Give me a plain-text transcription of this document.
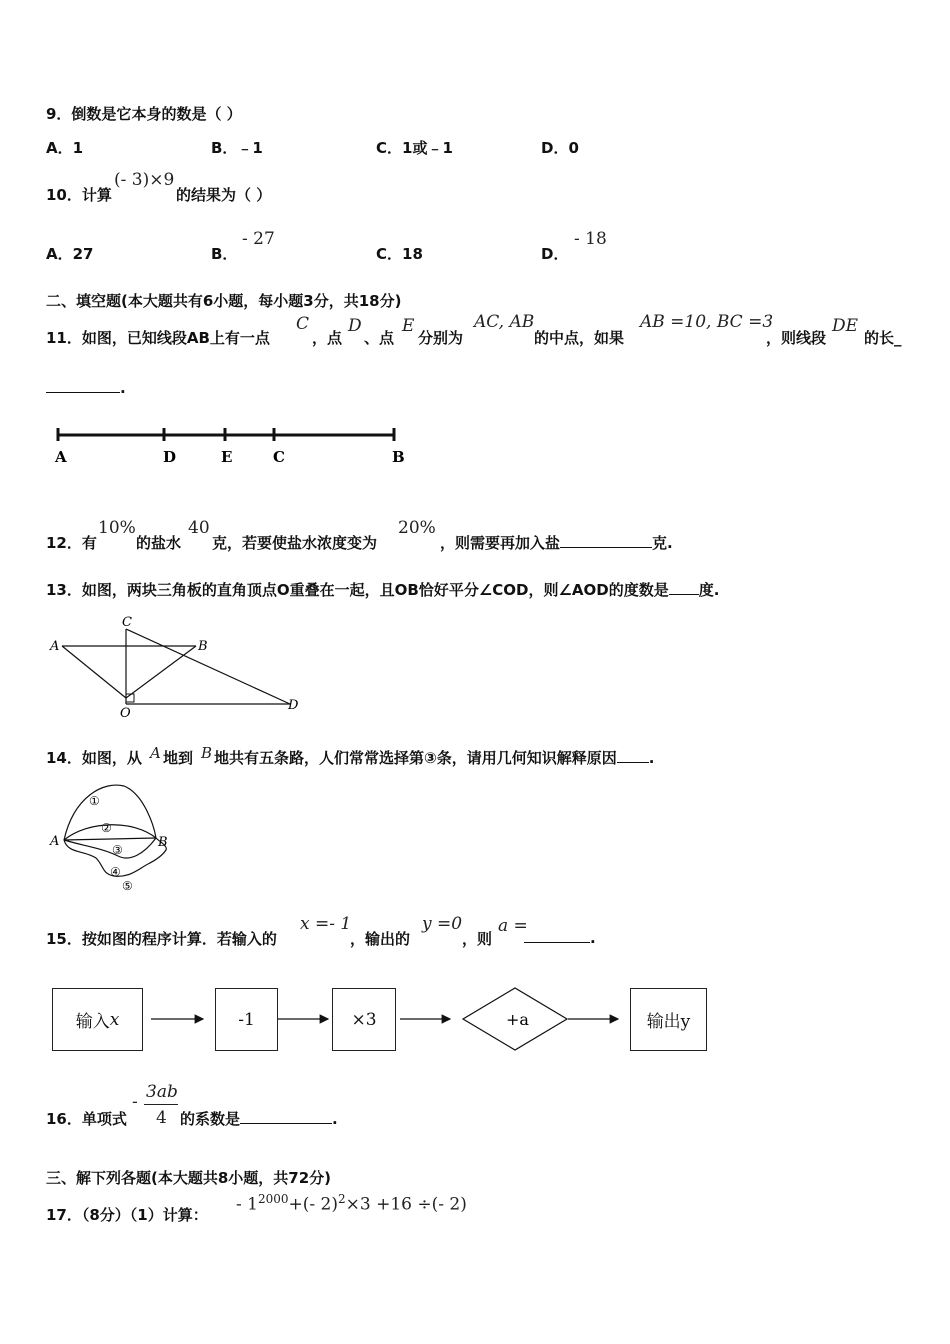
9．倒数是它本身的数是（ ）
A．1	B．﹣1	C．1或﹣1	D．0
10．计算
(- 3)×9
的结果为（ ）
A．27	B．
- 27
C．18	D．
- 18
二、填空题(本大题共有6小题，每小题3分，共18分)
11．如图，已知线段AB上有一点
C
，点
D
、点
E
分别为
AC, AB
的中点，如果
AB =10, BC =3
，则线段
DE
的长_
.
A	D	E	C	B
12．有
10%
的盐水
40
克，若要使盐水浓度变为
20%
，则需要再加入盐	克.
13．如图，两块三角板的直角顶点O重叠在一起，且OB恰好平分∠COD，则∠AOD的度数是 度.
A	B
C
D
O
14．如图，从 A 地到 B 地共有五条路，人们常常选择第③条，请用几何知识解释原因 .
A	B
①
②
③
④
⑤
15．按如图的程序计算．若输入的
x =- 1
，输出的
y =0
，则
a =
.
输入 x	-1	×3	输出y
+a
16．单项式
- 3ab
4 的系数是	.
三、解下列各题(本大题共8小题，共72分)
17．（8分）（1）计算：
- $1^{2000}+(-$ 2)$^2$×3 +16 ÷(- 2)
